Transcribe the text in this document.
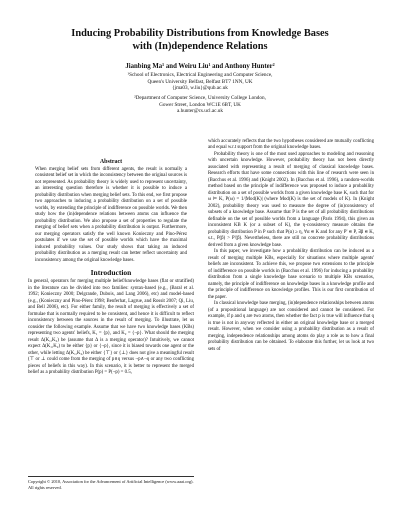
Inducing Probability Distributions from Knowledge Bases
with (In)dependence Relations
Jianbing Ma¹ and Weiru Liu¹ and Anthony Hunter²
¹School of Electronics, Electrical Engineering and Computer Science,
Queen's University Belfast, Belfast BT7 1NN, UK
{jma03, w.liu}@qub.ac.uk
²Department of Computer Science, University College London,
Gower Street, London WC1E 6BT, UK
a.hunter@cs.ucl.ac.uk
Abstract
When merging belief sets from different agents, the result is normally a consistent belief set in which the inconsistency between the original sources is not represented. As probability theory is widely used to represent uncertainty, an interesting question therefore is whether it is possible to induce a probability distribution when merging belief sets. To this end, we first propose two approaches to inducing a probability distribution on a set of possible worlds, by extending the principle of indifference on possible worlds. We then study how the (in)dependence relations between atoms can influence the probability distribution. We also propose a set of properties to regulate the merging of belief sets when a probability distribution is output. Furthermore, our merging operators satisfy the well known Konieczny and Pino-Pérez postulates if we use the set of possible worlds which have the maximal induced probability values. Our study shows that taking an induced probability distribution as a merging result can better reflect uncertainty and inconsistency among the original knowledge bases.
Introduction

In general, operators for merging multiple belief/knowledge bases (flat or stratified) in the literature can be divided into two families: syntax-based (e.g., (Baral et al. 1992; Konieczny 2000; Delgrande, Dubois, and Lang 2006), etc) and model-based (e.g., (Konieczny and Pino-Pérez 1998; Benferhat, Lagrue, and Rossit 2007; Qi, Liu, and Bell 2006), etc). For either family, the result of merging is effectively a set of formulae that is normally required to be consistent, and hence it is difficult to reflect inconsistency between the sources in the result of merging. To illustrate, let us consider the following example. Assume that we have two knowledge bases (KBs) representing two agents' beliefs, K₁ = {p}, and K₂ = {¬p}. What should the merging result Δ(K₁,K₂) be (assume that Δ is a merging operator)? Intuitively, we cannot expect Δ(K₁,K₂) to be either {p} or {¬p}, since it is biased towards one agent or the other, while letting Δ(K₁,K₂) be either {⊤} or {⊥} does not give a meaningful result (⊤ or ⊥ could come from the merging of p∧q versus ¬p∧¬q or any two conflicting pieces of beliefs in this way). In this scenario, it is better to represent the merged belief as a probability distribution P(p) = P(¬p) = 0.5,

Copyright © 2010, Association for the Advancement of Artificial Intelligence (www.aaai.org). All rights reserved.

which accurately reflects that the two hypotheses considered are mutually conflicting and equal w.r.t support from the original knowledge bases.

Probability theory is one of the most used approaches to modeling and reasoning with uncertain knowledge. However, probability theory has not been directly associated with representing a result of merging of classical knowledge bases. Research efforts that have some connections with this line of research were seen in (Bacchus et al. 1996) and (Knight 2002). In (Bacchus et al. 1996), a random-worlds method based on the principle of indifference was proposed to induce a probability distribution on a set of possible worlds from a given knowledge base K, such that for ω ⊨ K, P(ω) = 1/|Mod(K)| (where Mod(K) is the set of models of K). In (Knight 2002), probability theory was used to measure the degree of (in)consistency of subsets of a knowledge base. Assume that P is the set of all probability distributions definable on the set of possible worlds from a language (Paris 1994), this given an inconsistent KB K (or a subset of K), the η-consistency measure obtains the probability distribution P in P such that P(α) ≥ η, ∀α ∈ K and for any P' ∈ P, ∃β ∈ K, s.t., P(β) > P'(β). Nevertheless, there are still no concrete probability distributions derived from a given knowledge base.

In this paper, we investigate how a probability distribution can be induced as a result of merging multiple KBs, especially for situations where multiple agents' beliefs are inconsistent. To achieve this, we propose two extensions to the principle of indifference on possible worlds in (Bacchus et al. 1996) for inducing a probability distribution from a single knowledge base scenario to multiple KBs scenarios, namely, the principle of indifference on knowledge bases in a knowledge profile and the principle of indifference on knowledge profiles. This is our first contribution of the paper.

In classical knowledge base merging, (in)dependence relationships between atoms (of a propositional language) are not considered and cannot be considered. For example, if p and q are two atoms, then whether the fact p is true will influence that q is true is not in anyway reflected in either an original knowledge base or a merged result. However, when we consider using a probability distribution as a result of merging, independence relationships among atoms do play a role as to how a final probability distribution can be obtained. To elaborate this further, let us look at two sets of
